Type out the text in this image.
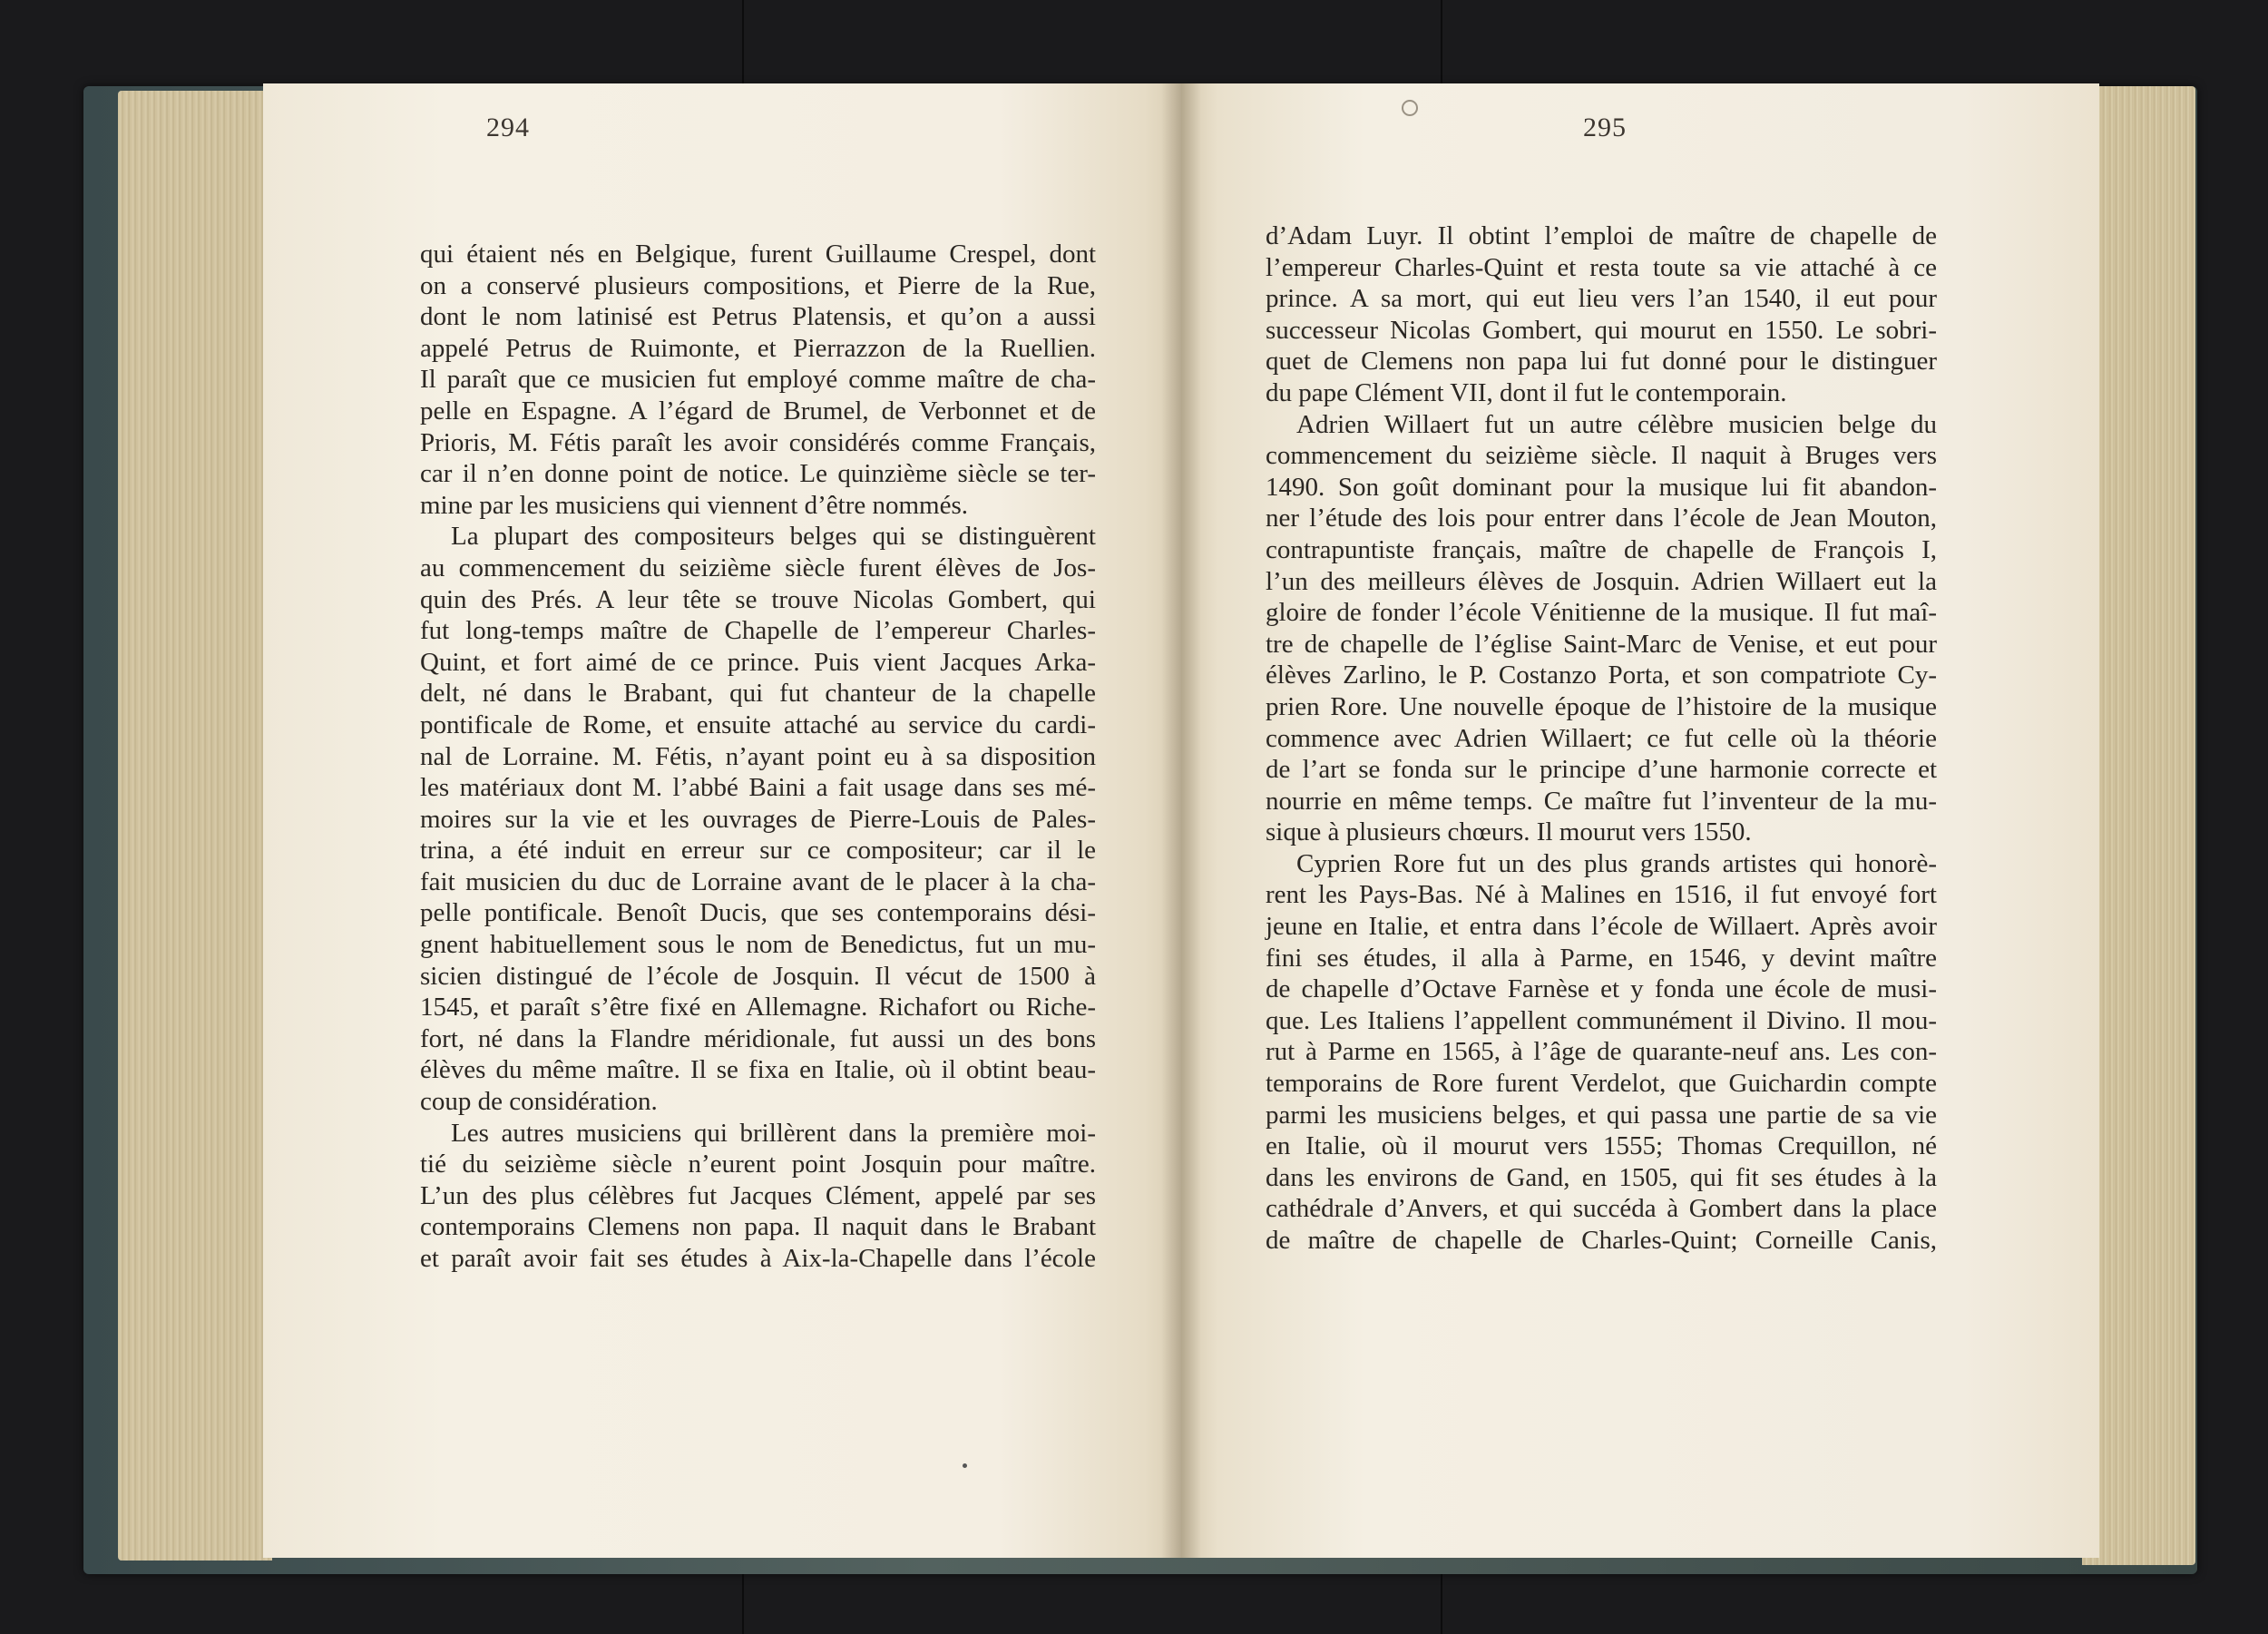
294	295
qui étaient nés en Belgique, furent Guillaume Crespel, dont
on a conservé plusieurs compositions, et Pierre de la Rue,
dont le nom latinisé est Petrus Platensis, et qu’on a aussi
appelé Petrus de Ruimonte, et Pierrazzon de la Ruellien.
Il paraît que ce musicien fut employé comme maître de cha-
pelle en Espagne. A l’égard de Brumel, de Verbonnet et de
Prioris, M. Fétis paraît les avoir considérés comme Français,
car il n’en donne point de notice. Le quinzième siècle se ter-
mine par les musiciens qui viennent d’être nommés.
La plupart des compositeurs belges qui se distinguèrent
au commencement du seizième siècle furent élèves de Jos-
quin des Prés. A leur tête se trouve Nicolas Gombert, qui
fut long-temps maître de Chapelle de l’empereur Charles-
Quint, et fort aimé de ce prince. Puis vient Jacques Arka-
delt, né dans le Brabant, qui fut chanteur de la chapelle
pontificale de Rome, et ensuite attaché au service du cardi-
nal de Lorraine. M. Fétis, n’ayant point eu à sa disposition
les matériaux dont M. l’abbé Baini a fait usage dans ses mé-
moires sur la vie et les ouvrages de Pierre-Louis de Pales-
trina, a été induit en erreur sur ce compositeur; car il le
fait musicien du duc de Lorraine avant de le placer à la cha-
pelle pontificale. Benoît Ducis, que ses contemporains dési-
gnent habituellement sous le nom de Benedictus, fut un mu-
sicien distingué de l’école de Josquin. Il vécut de 1500 à
1545, et paraît s’être fixé en Allemagne. Richafort ou Riche-
fort, né dans la Flandre méridionale, fut aussi un des bons
élèves du même maître. Il se fixa en Italie, où il obtint beau-
coup de considération.
Les autres musiciens qui brillèrent dans la première moi-
tié du seizième siècle n’eurent point Josquin pour maître.
L’un des plus célèbres fut Jacques Clément, appelé par ses
contemporains Clemens non papa. Il naquit dans le Brabant
et paraît avoir fait ses études à Aix-la-Chapelle dans l’école
d’Adam Luyr. Il obtint l’emploi de maître de chapelle de
l’empereur Charles-Quint et resta toute sa vie attaché à ce
prince. A sa mort, qui eut lieu vers l’an 1540, il eut pour
successeur Nicolas Gombert, qui mourut en 1550. Le sobri-
quet de Clemens non papa lui fut donné pour le distinguer
du pape Clément VII, dont il fut le contemporain.
Adrien Willaert fut un autre célèbre musicien belge du
commencement du seizième siècle. Il naquit à Bruges vers
1490. Son goût dominant pour la musique lui fit abandon-
ner l’étude des lois pour entrer dans l’école de Jean Mouton,
contrapuntiste français, maître de chapelle de François I,
l’un des meilleurs élèves de Josquin. Adrien Willaert eut la
gloire de fonder l’école Vénitienne de la musique. Il fut maî-
tre de chapelle de l’église Saint-Marc de Venise, et eut pour
élèves Zarlino, le P. Costanzo Porta, et son compatriote Cy-
prien Rore. Une nouvelle époque de l’histoire de la musique
commence avec Adrien Willaert; ce fut celle où la théorie
de l’art se fonda sur le principe d’une harmonie correcte et
nourrie en même temps. Ce maître fut l’inventeur de la mu-
sique à plusieurs chœurs. Il mourut vers 1550.
Cyprien Rore fut un des plus grands artistes qui honorè-
rent les Pays-Bas. Né à Malines en 1516, il fut envoyé fort
jeune en Italie, et entra dans l’école de Willaert. Après avoir
fini ses études, il alla à Parme, en 1546, y devint maître
de chapelle d’Octave Farnèse et y fonda une école de musi-
que. Les Italiens l’appellent communément il Divino. Il mou-
rut à Parme en 1565, à l’âge de quarante-neuf ans. Les con-
temporains de Rore furent Verdelot, que Guichardin compte
parmi les musiciens belges, et qui passa une partie de sa vie
en Italie, où il mourut vers 1555; Thomas Crequillon, né
dans les environs de Gand, en 1505, qui fit ses études à la
cathédrale d’Anvers, et qui succéda à Gombert dans la place
de maître de chapelle de Charles-Quint; Corneille Canis,
